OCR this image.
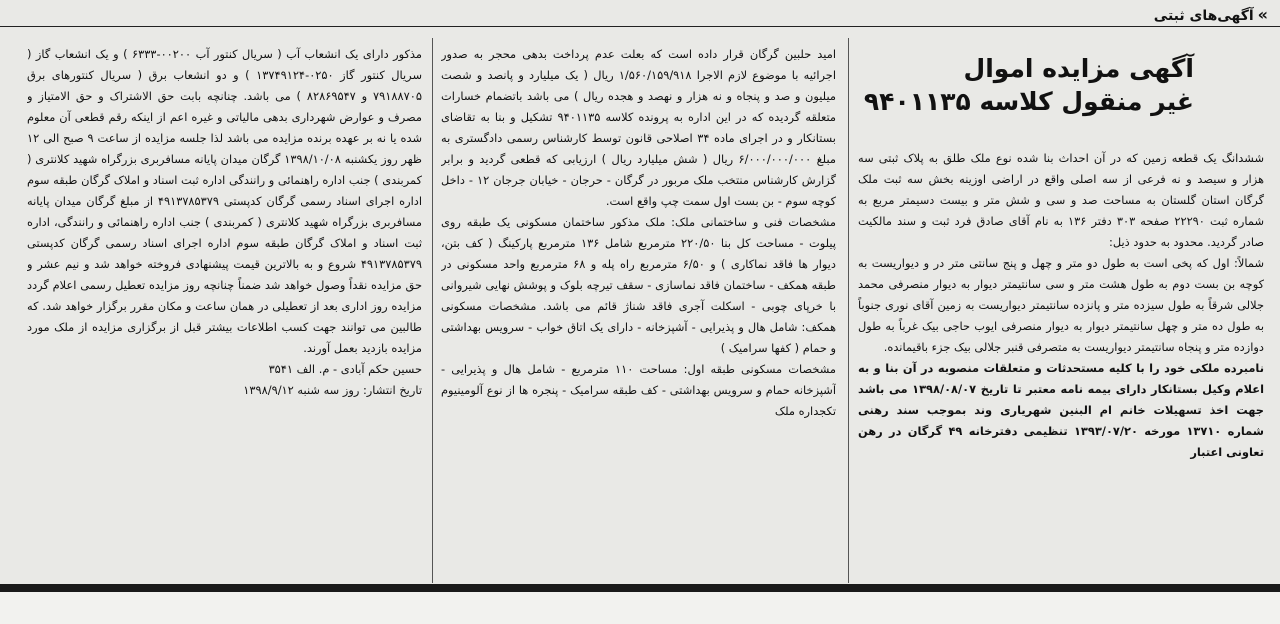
»آگهی‌های ثبتی
آگهی مزایده اموال
غیر منقول کلاسه ۹۴۰۱۱۳۵

ششدانگ یک قطعه زمین که در آن احداث بنا شده نوع ملک طلق به پلاک ثبتی سه هزار و سیصد و نه فرعی از سه اصلی واقع در اراضی اوزینه بخش سه ثبت ملک گرگان استان گلستان به مساحت صد و سی و شش متر و بیست دسیمتر مربع به شماره ثبت ۲۲۲۹۰ صفحه ۳۰۳ دفتر ۱۳۶ به نام آقای صادق فرد ثبت و سند مالکیت صادر گردید. محدود به حدود ذیل:

شمالاً: اول که پخی است به طول دو متر و چهل و پنج سانتی متر در و دیواریست به کوچه بن بست دوم به طول هشت متر و سی سانتیمتر دیوار به دیوار منصرفی محمد جلالی شرقاً به طول سیزده متر و پانزده سانتیمتر دیواریست به زمین آقای نوری جنوباً به طول ده متر و چهل سانتیمتر دیوار به دیوار منصرفی ایوب حاجی بیک غرباً به طول دوازده متر و پنجاه سانتیمتر دیواریست به متصرفی قنبر جلالی بیک جزء باقیمانده.

نامبرده ملکی خود را با کلیه مستحدثات و متعلقات منصوبه در آن بنا و به اعلام وکیل بستانکار دارای بیمه نامه معتبر تا تاریخ ۱۳۹۸/۰۸/۰۷ می باشد جهت اخذ تسهیلات خانم ام البنین شهریاری وند بموجب سند رهنی شماره ۱۳۷۱۰ مورخه ۱۳۹۳/۰۷/۲۰ تنظیمی دفترخانه ۴۹ گرگان در رهن تعاونی اعتبار

امید حلبین گرگان قرار داده است که بعلت عدم پرداخت بدهی محجر به صدور اجرائیه با موضوع لازم الاجرا ۱/۵۶۰/۱۵۹/۹۱۸ ریال ( یک میلیارد و پانصد و شصت میلیون و صد و پنجاه و نه هزار و نهصد و هجده ریال ) می باشد باتضمام خسارات متعلقه گردیده که در این اداره به پرونده کلاسه ۹۴۰۱۱۳۵ تشکیل و بنا به تقاضای بستانکار و در اجرای ماده ۳۴ اصلاحی قانون توسط کارشناس رسمی دادگستری به مبلغ ۶/۰۰۰/۰۰۰/۰۰۰ ریال ( شش میلیارد ریال ) ارزیابی که قطعی گردید و برابر گزارش کارشناس منتخب ملک مربور در گرگان - حرجان - خیابان جرجان ۱۲ - داخل کوچه سوم - بن بست اول سمت چپ واقع است.

مشخصات فنی و ساختمانی ملک: ملک مذکور ساختمان مسکونی یک طبقه روی پیلوت - مساحت کل بنا ۲۲۰/۵۰ مترمربع شامل ۱۳۶ مترمربع پارکینگ ( کف بتن، دیوار ها فاقد نماکاری ) و ۶/۵۰ مترمربع راه پله و ۶۸ مترمربع واحد مسکونی در طبقه همکف - ساختمان فاقد نماسازی - سقف تیرچه بلوک و پوشش نهایی شیروانی با خرپای چوبی - اسکلت آجری فاقد شناژ قائم می باشد. مشخصات مسکونی همکف: شامل هال و پذیرایی - آشپزخانه - دارای یک اتاق خواب - سرویس بهداشتی و حمام ( کفها سرامیک )

مشخصات مسکونی طبقه اول: مساحت ۱۱۰ مترمربع - شامل هال و پذیرایی - آشپزخانه حمام و سرویس بهداشتی - کف طبقه سرامیک - پنجره ها از نوع آلومینیوم تکجداره ملک

مذکور دارای یک انشعاب آب ( سریال کنتور آب ۰۰۲۰۰-۶۳۳۳ ) و یک انشعاب گاز ( سریال کنتور گاز ۰۲۵۰-۱۳۷۴۹۱۲۴ ) و دو انشعاب برق ( سریال کنتورهای برق ۷۹۱۸۸۷۰۵ و ۸۲۸۶۹۵۴۷ ) می باشد. چنانچه بابت حق الاشتراک و حق الامتیاز و مصرف و عوارض شهرداری بدهی مالیاتی و غیره اعم از اینکه رقم قطعی آن معلوم شده یا نه بر عهده برنده مزایده می باشد لذا جلسه مزایده از ساعت ۹ صبح الی ۱۲ ظهر روز یکشنبه ۱۳۹۸/۱۰/۰۸ گرگان میدان پایانه مسافربری بزرگراه شهید کلانتری ( کمربندی ) جنب اداره راهنمائی و رانندگی اداره ثبت اسناد و املاک گرگان طبقه سوم اداره اجرای اسناد رسمی گرگان کدپستی ۴۹۱۳۷۸۵۳۷۹ از مبلغ گرگان میدان پایانه مسافربری بزرگراه شهید کلانتری ( کمربندی ) جنب اداره راهنمائی و رانندگی، اداره ثبت اسناد و املاک گرگان طبقه سوم اداره اجرای اسناد رسمی گرگان کدپستی ۴۹۱۳۷۸۵۳۷۹ شروع و به بالاترین قیمت پیشنهادی فروخته خواهد شد و نیم عشر و حق مزایده نقداً وصول خواهد شد ضمناً چنانچه روز مزایده تعطیل رسمی اعلام گردد مزایده روز اداری بعد از تعطیلی در همان ساعت و مکان مقرر برگزار خواهد شد. که طالبین می توانند جهت کسب اطلاعات بیشتر قبل از برگزاری مزایده از ملک مورد مزایده بازدید بعمل آورند.

حسین حکم آبادی - م. الف ۳۵۴۱

تاریخ انتشار: روز سه شنبه ۱۳۹۸/۹/۱۲
